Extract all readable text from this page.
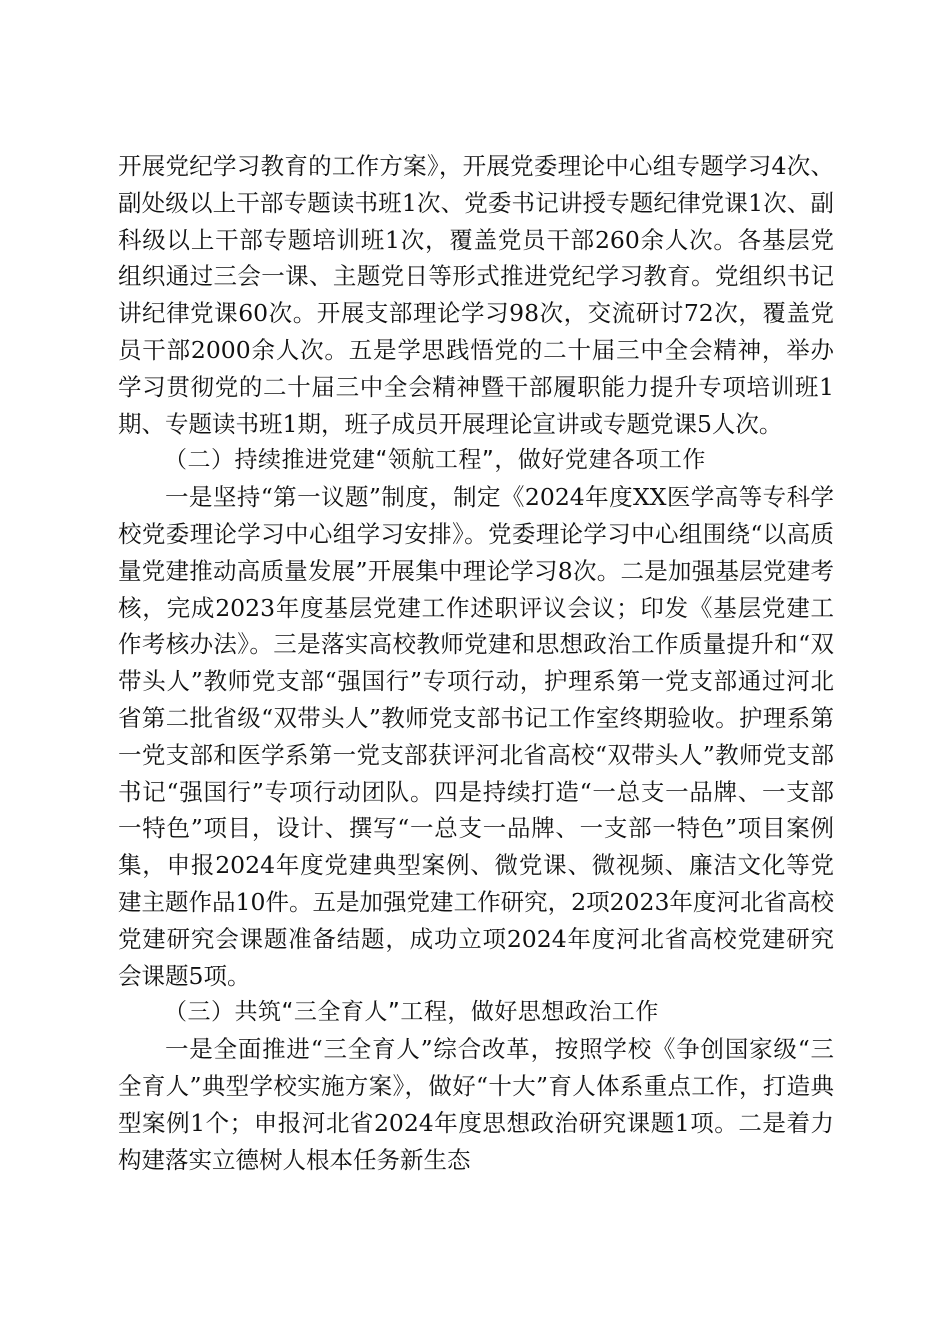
开展党纪学习教育的工作方案》，开展党委理论中心组专题学习4次、副处级以上干部专题读书班1次、党委书记讲授专题纪律党课1次、副科级以上干部专题培训班1次，覆盖党员干部260余人次。各基层党组织通过三会一课、主题党日等形式推进党纪学习教育。党组织书记讲纪律党课60次。开展支部理论学习98次，交流研讨72次，覆盖党员干部2000余人次。五是学思践悟党的二十届三中全会精神，举办学习贯彻党的二十届三中全会精神暨干部履职能力提升专项培训班1期、专题读书班1期，班子成员开展理论宣讲或专题党课5人次。

（二）持续推进党建“领航工程”，做好党建各项工作

一是坚持“第一议题”制度，制定《2024年度XX医学高等专科学校党委理论学习中心组学习安排》。党委理论学习中心组围绕“以高质量党建推动高质量发展”开展集中理论学习8次。二是加强基层党建考核，完成2023年度基层党建工作述职评议会议；印发《基层党建工作考核办法》。三是落实高校教师党建和思想政治工作质量提升和“双带头人”教师党支部“强国行”专项行动，护理系第一党支部通过河北省第二批省级“双带头人”教师党支部书记工作室终期验收。护理系第一党支部和医学系第一党支部获评河北省高校“双带头人”教师党支部书记“强国行”专项行动团队。四是持续打造“一总支一品牌、一支部一特色”项目，设计、撰写“一总支一品牌、一支部一特色”项目案例集，申报2024年度党建典型案例、微党课、微视频、廉洁文化等党建主题作品10件。五是加强党建工作研究，2项2023年度河北省高校党建研究会课题准备结题，成功立项2024年度河北省高校党建研究会课题5项。

（三）共筑“三全育人”工程，做好思想政治工作

一是全面推进“三全育人”综合改革，按照学校《争创国家级“三全育人”典型学校实施方案》，做好“十大”育人体系重点工作，打造典型案例1个；申报河北省2024年度思想政治研究课题1项。二是着力构建落实立德树人根本任务新生态
